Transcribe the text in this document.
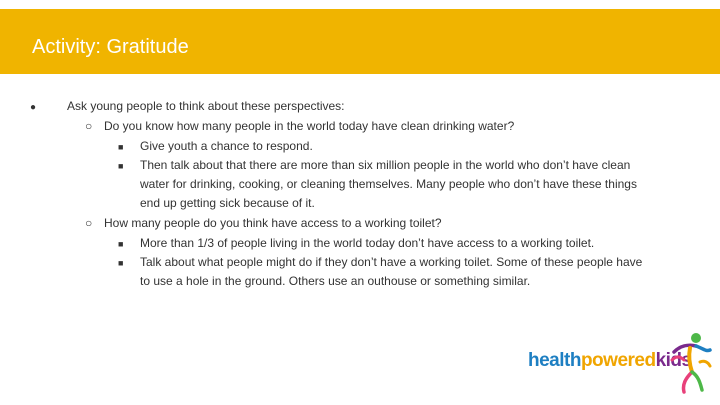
Activity: Gratitude
●	Ask young people to think about these perspectives:
○ Do you know how many people in the world today have clean drinking water?
■ Give youth a chance to respond.
■ Then talk about that there are more than six million people in the world who don’t have clean
water for drinking, cooking, or cleaning themselves. Many people who don’t have these things
end up getting sick because of it.
○ How many people do you think have access to a working toilet?
■ More than 1/3 of people living in the world today don’t have access to a working toilet.
■ Talk about what people might do if they don’t have a working toilet. Some of these people have
to use a hole in the ground. Others use an outhouse or something similar.
healthpoweredkids
